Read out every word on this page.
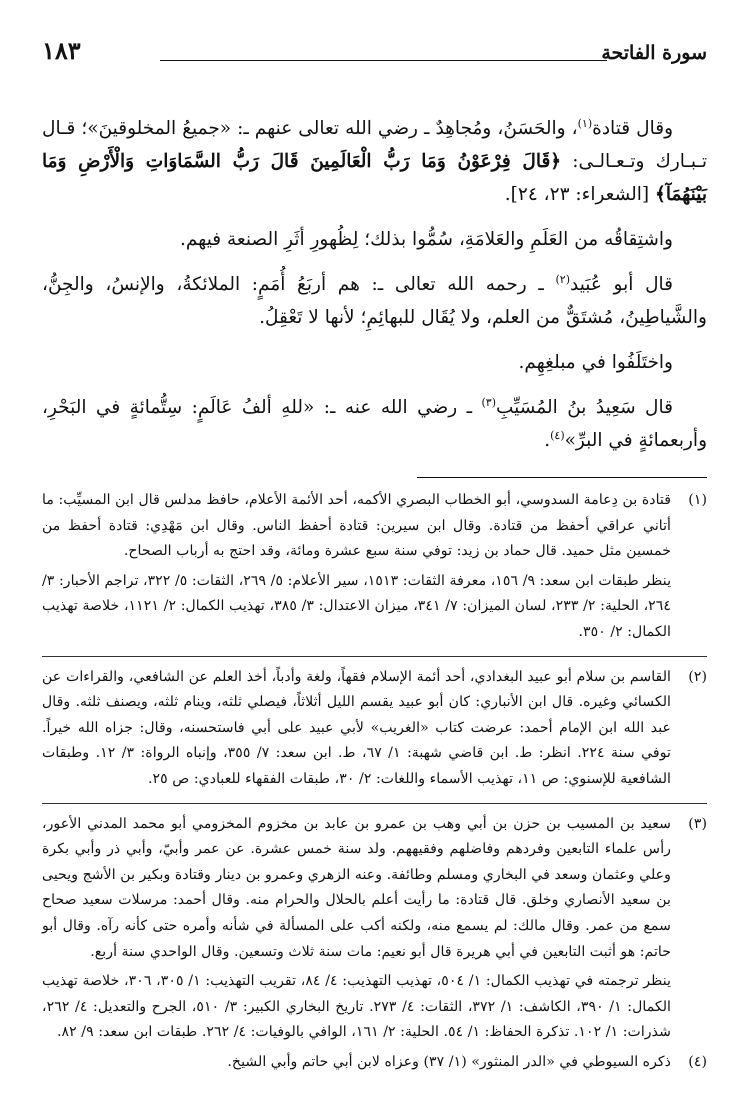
سورة الفاتحة
١٨٣

وقال قتادة$^{(١)}$، والحَسَنُ، ومُجاهِدٌ ـ رضي الله تعالى عنهم ـ: «جميعُ المخلوقينَ»؛ قـال تـبـارك وتـعـالـى: ﴿قَالَ فِرْعَوْنُ وَمَا رَبُّ الْعَالَمِينَ قَالَ رَبُّ السَّمَاوَاتِ وَالْأَرْضِ وَمَا بَيْنَهُمَآ﴾ [الشعراء: ٢٣، ٢٤].

واشتِقاقُه من العَلَمِ والعَلامَةِ، سُمُّوا بذلك؛ لِظُهورِ أثَرِ الصنعة فيهم.

قال أبو عُبَيد$^{(٢)}$ ـ رحمه الله تعالى ـ: هم أربَعُ أُمَمٍ: الملائكةُ، والإنسُ، والجِنُّ، والشَّياطِينُ، مُشتَقٌّ من العلم، ولا يُقَال للبهائِمِ؛ لأنها لا تَعْقِلُ.

واختَلَفُوا في مبلغِهِم.

قال سَعِيدُ بنُ المُسَيِّبِ$^{(٣)}$ ـ رضي الله عنه ـ: «للهِ ألفُ عَالَمٍ: سِتُّمائةٍ في البَحْرِ، وأربعمائةٍ في البرِّ»$^{(٤)}$.

(١)

قتادة بن دِعامة السدوسي، أبو الخطاب البصري الأكمه، أحد الأئمة الأعلام، حافظ مدلس قال ابن المسيِّب: ما أتاني عراقي أحفظ من قتادة. وقال ابن سيرين: قتادة أحفظ الناس. وقال ابن مَهْدِي: قتادة أحفظ من خمسين مثل حميد. قال حماد بن زيد: توفي سنة سبع عشرة ومائة، وقد احتج به أرباب الصحاح.

ينظر طبقات ابن سعد: ٩/ ١٥٦، معرفة الثقات: ١٥١٣، سير الأعلام: ٥/ ٢٦٩، الثقات: ٥/ ٣٢٢، تراجم الأحبار: ٣/ ٢٦٤، الحلية: ٢/ ٢٣٣، لسان الميزان: ٧/ ٣٤١، ميزان الاعتدال: ٣/ ٣٨٥، تهذيب الكمال: ٢/ ١١٢١، خلاصة تهذيب الكمال: ٢/ ٣٥٠.

(٢)

القاسم بن سلام أبو عبيد البغدادي، أحد أئمة الإسلام فقهاً، ولغة وأدباً، أخذ العلم عن الشافعي، والقراءات عن الكسائي وغيره. قال ابن الأنباري: كان أبو عبيد يقسم الليل أثلاثاً، فيصلي ثلثه، وينام ثلثه، ويصنف ثلثه. وقال عبد الله ابن الإمام أحمد: عرضت كتاب «الغريب» لأبي عبيد على أبي فاستحسنه، وقال: جزاه الله خيراً. توفي سنة ٢٢٤. انظر: ط. ابن قاضي شهبة: ١/ ٦٧، ط. ابن سعد: ٧/ ٣٥٥، وإنباه الرواة: ٣/ ١٢. وطبقات الشافعية للإسنوي: ص ١١، تهذيب الأسماء واللغات: ٢/ ٣٠، طبقات الفقهاء للعبادي: ص ٢٥.

(٣)

سعيد بن المسيب بن حزن بن أبي وهب بن عمرو بن عابد بن مخزوم المخزومي أبو محمد المدني الأعور، رأس علماء التابعين وفردهم وفاضلهم وفقيههم. ولد سنة خمس عشرة. عن عمر وأبيّ، وأبي ذر وأبي بكرة وعلي وعثمان وسعد في البخاري ومسلم وطائفة. وعنه الزهري وعمرو بن دينار وقتادة وبكير بن الأشج ويحيى بن سعيد الأنصاري وخلق. قال قتادة: ما رأيت أعلم بالحلال والحرام منه. وقال أحمد: مرسلات سعيد صحاح سمع من عمر. وقال مالك: لم يسمع منه، ولكنه أكب على المسألة في شأنه وأمره حتى كأنه رآه. وقال أبو حاتم: هو أثبت التابعين في أبي هريرة قال أبو نعيم: مات سنة ثلاث وتسعين. وقال الواحدي سنة أربع.

ينظر ترجمته في تهذيب الكمال: ١/ ٥٠٤، تهذيب التهذيب: ٤/ ٨٤، تقريب التهذيب: ١/ ٣٠٥، ٣٠٦، خلاصة تهذيب الكمال: ١/ ٣٩٠، الكاشف: ١/ ٣٧٢، الثقات: ٤/ ٢٧٣. تاريخ البخاري الكبير: ٣/ ٥١٠، الجرح والتعديل: ٤/ ٢٦٢، شذرات: ١/ ١٠٢. تذكرة الحفاظ: ١/ ٥٤. الحلية: ٢/ ١٦١، الوافي بالوفيات: ٤/ ٢٦٢. طبقات ابن سعد: ٩/ ٨٢.

(٤)

ذكره السيوطي في «الدر المنثور» (١/ ٣٧) وعزاه لابن أبي حاتم وأبي الشيخ.
